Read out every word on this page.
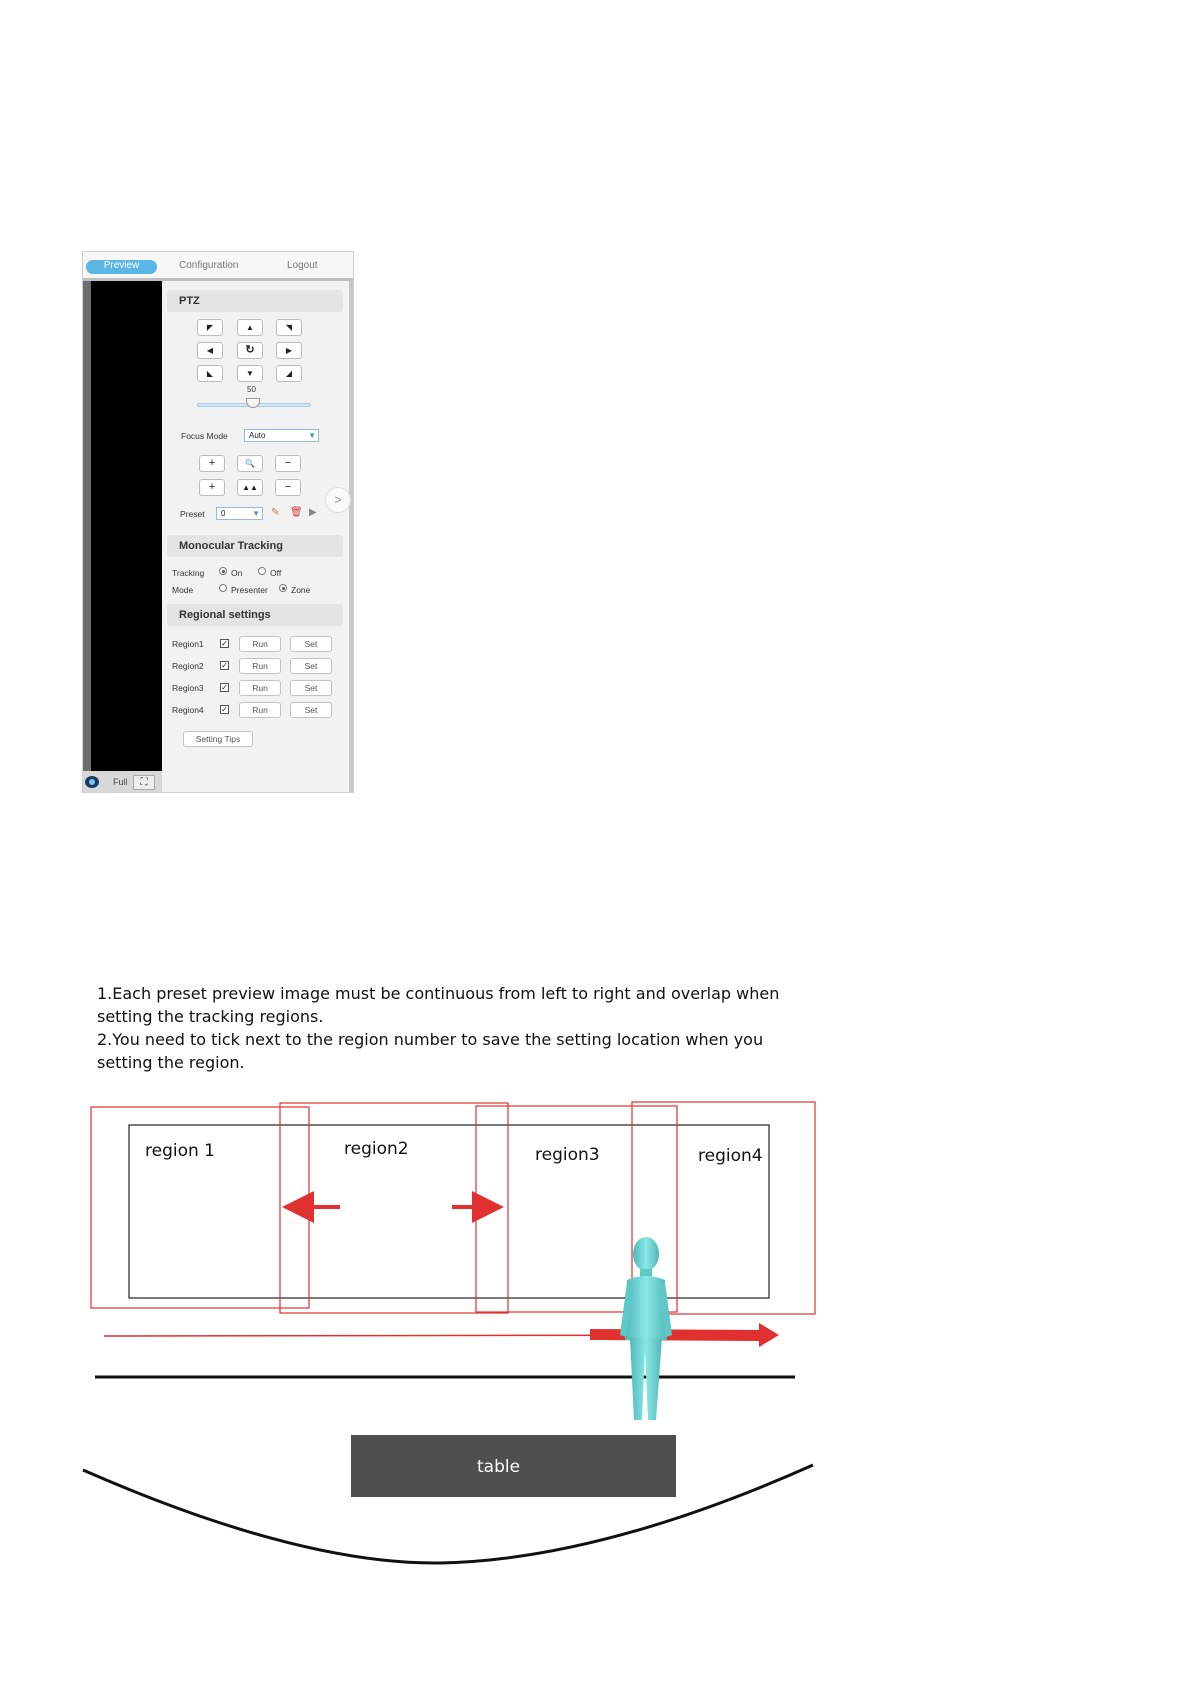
Preview	Configuration	Logout
Full	⛶
>
PTZ
◤	▲	◥
◀	↻	▶
◣	▼	◢
50
Focus Mode	Auto	▼
+	🔍	−
+	▲▲	−
Preset	0	▼ ✎ 🗑 ▶
Monocular Tracking
Tracking	On	Off
Mode	Presenter	Zone
Regional settings
Region1 ✓	Run	Set
Region2 ✓	Run	Set
Region3 ✓	Run	Set
Region4 ✓	Run	Set
Setting Tips

1.Each preset preview image must be continuous from left to right and overlap when setting the tracking regions.

2.You need to tick next to the region number to save the setting location when you setting the region.

region 1	region2	region3	region4
table
